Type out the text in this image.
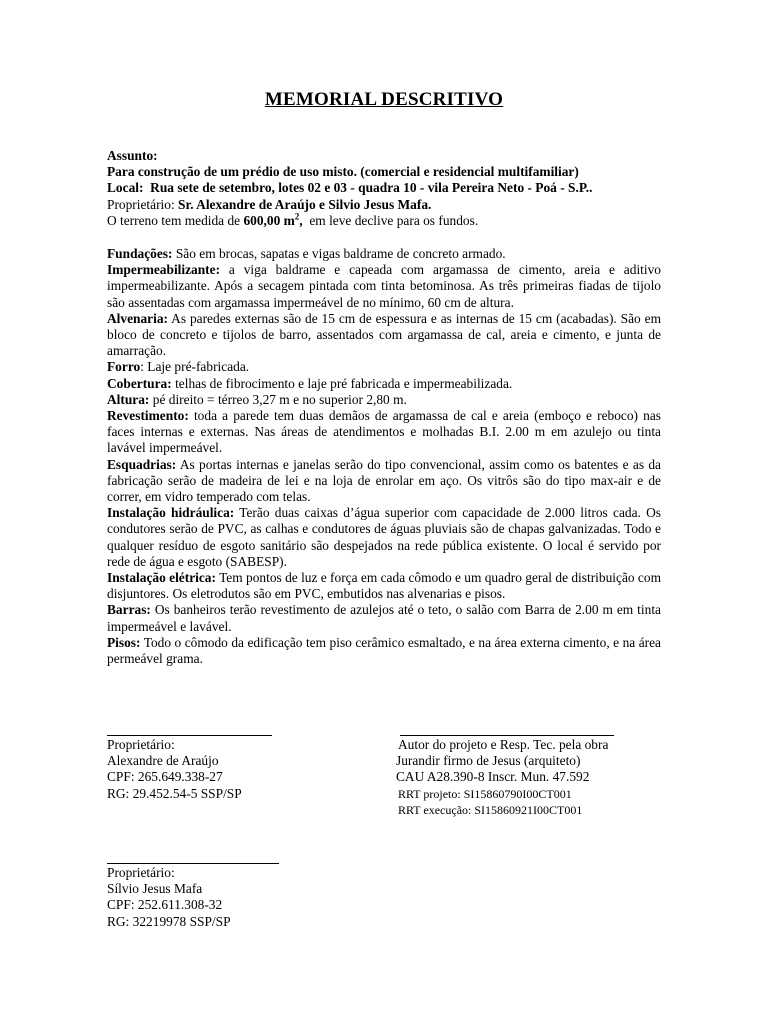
MEMORIAL DESCRITIVO
Assunto:
Para construção de um prédio de uso misto. (comercial e residencial multifamiliar)
Local: Rua sete de setembro, lotes 02 e 03 - quadra 10 - vila Pereira Neto - Poá - S.P..
Proprietário: Sr. Alexandre de Araújo e Silvio Jesus Mafa.
O terreno tem medida de 600,00 $m^2$, em leve declive para os fundos.
Fundações: São em brocas, sapatas e vigas baldrame de concreto armado.
Impermeabilizante: a viga baldrame e capeada com argamassa de cimento, areia e aditivo impermeabilizante. Após a secagem pintada com tinta betominosa. As três primeiras fiadas de tijolo são assentadas com argamassa impermeável de no mínimo, 60 cm de altura.
Alvenaria: As paredes externas são de 15 cm de espessura e as internas de 15 cm (acabadas). São em bloco de concreto e tijolos de barro, assentados com argamassa de cal, areia e cimento, e junta de amarração.
Forro: Laje pré-fabricada.
Cobertura: telhas de fibrocimento e laje pré fabricada e impermeabilizada.
Altura: pé direito = térreo 3,27 m e no superior 2,80 m.
Revestimento: toda a parede tem duas demãos de argamassa de cal e areia (emboço e reboco) nas faces internas e externas. Nas áreas de atendimentos e molhadas B.I. 2.00 m em azulejo ou tinta lavável impermeável.
Esquadrias: As portas internas e janelas serão do tipo convencional, assim como os batentes e as da fabricação serão de madeira de lei e na loja de enrolar em aço. Os vitrôs são do tipo max-air e de correr, em vidro temperado com telas.
Instalação hidráulica: Terão duas caixas d’água superior com capacidade de 2.000 litros cada. Os condutores serão de PVC, as calhas e condutores de águas pluviais são de chapas galvanizadas. Todo e qualquer resíduo de esgoto sanitário são despejados na rede pública existente. O local é servido por rede de água e esgoto (SABESP).
Instalação elétrica: Tem pontos de luz e força em cada cômodo e um quadro geral de distribuição com disjuntores. Os eletrodutos são em PVC, embutidos nas alvenarias e pisos.
Barras: Os banheiros terão revestimento de azulejos até o teto, o salão com Barra de 2.00 m em tinta impermeável e lavável.
Pisos: Todo o cômodo da edificação tem piso cerâmico esmaltado, e na área externa cimento, e na área permeável grama.
Proprietário:
Alexandre de Araújo
CPF: 265.649.338-27
RG: 29.452.54-5 SSP/SP
Autor do projeto e Resp. Tec. pela obra
Jurandir firmo de Jesus (arquiteto)
CAU A28.390-8 Inscr. Mun. 47.592
RRT projeto: SI15860790I00CT001
RRT execução: SI15860921I00CT001
Proprietário:
Sílvio Jesus Mafa
CPF: 252.611.308-32
RG: 32219978 SSP/SP
